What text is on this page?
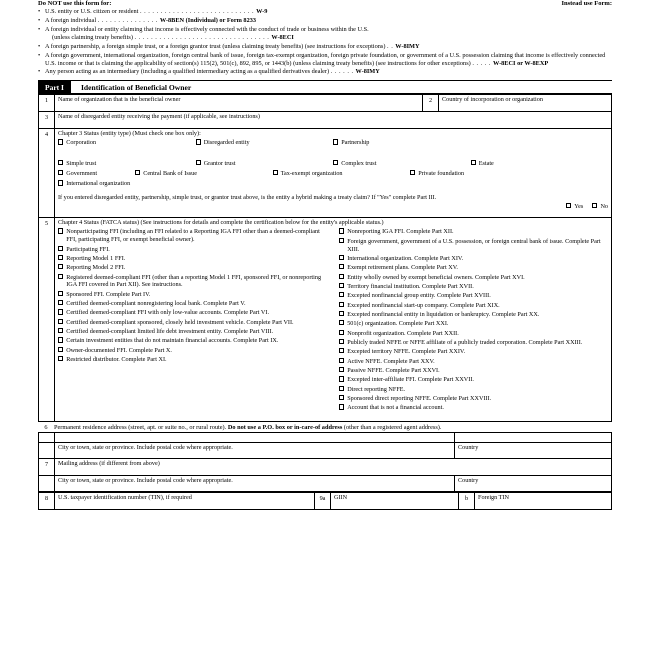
Do NOT use this form for:	Instead use Form:
• U.S. entity or U.S. citizen or resident . . . . . . . . . . . . . . . . . . . . . . . . . . . . W-9
• A foreign individual . . . . . . . . . . . . . . . W-8BEN (Individual) or Form 8233
• A foreign individual or entity claiming that income is effectively connected with the conduct of trade or business within the U.S.
(unless claiming treaty benefits) . . . . . . . . . . . . . . . . . . . . . . . . . . . . . . . . . W-8ECI
• A foreign partnership, a foreign simple trust, or a foreign grantor trust (unless claiming treaty benefits) (see instructions for exceptions) . . W-8IMY
• A foreign government, international organization, foreign central bank of issue, foreign tax-exempt organization, foreign private foundation, or government of a U.S. possession claiming that income is effectively connected U.S. income or that is claiming the applicability of section(s) 115(2), 501(c), 892, 895, or 1443(b) (unless claiming treaty benefits) (see instructions for other exceptions) . . . . . W-8ECI or W-8EXP
• Any person acting as an intermediary (including a qualified intermediary acting as a qualified derivatives dealer) . . . . . . W-8IMY
Part I	Identification of Beneficial Owner
1	Name of organization that is the beneficial owner	2	Country of incorporation or organization
3	Name of disregarded entity receiving the payment (if applicable, see instructions)		
4	Chapter 3 Status (entity type) (Must check one box only):
Corporation	Disregarded entity	Partnership
Simple trust	Grantor trust	Complex trust	Estate
Government	Central Bank of Issue	Tax-exempt organization	Private foundation
International organization
If you entered disregarded entity, partnership, simple trust, or grantor trust above, is the entity a hybrid making a treaty claim? If "Yes" complete Part III.
Yes	No

5	Chapter 4 Status (FATCA status) (See instructions for details and complete the certification below for the entity's applicable status.)
Nonparticipating FFI (including an FFI related to a Reporting IGA FFI other than a deemed-compliant FFI, participating FFI, or exempt beneficial owner).
Participating FFI.
Reporting Model 1 FFI.
Reporting Model 2 FFI.
Registered deemed-compliant FFI (other than a reporting Model 1 FFI, sponsored FFI, or nonreporting IGA FFI covered in Part XII). See instructions.
Sponsored FFI. Complete Part IV.
Certified deemed-compliant nonregistering local bank. Complete Part V.
Certified deemed-compliant FFI with only low-value accounts. Complete Part VI.
Certified deemed-compliant sponsored, closely held investment vehicle. Complete Part VII.
Certified deemed-compliant limited life debt investment entity. Complete Part VIII.
Certain investment entities that do not maintain financial accounts. Complete Part IX.
Owner-documented FFI. Complete Part X.
Restricted distributor. Complete Part XI.
Nonreporting IGA FFI. Complete Part XII.
Foreign government, government of a U.S. possession, or foreign central bank of issue. Complete Part XIII.
International organization. Complete Part XIV.
Exempt retirement plans. Complete Part XV.
Entity wholly owned by exempt beneficial owners. Complete Part XVI.
Territory financial institution. Complete Part XVII.
Excepted nonfinancial group entity. Complete Part XVIII.
Excepted nonfinancial start-up company. Complete Part XIX.
Excepted nonfinancial entity in liquidation or bankruptcy. Complete Part XX.
501(c) organization. Complete Part XXI.
Nonprofit organization. Complete Part XXII.
Publicly traded NFFE or NFFE affiliate of a publicly traded corporation. Complete Part XXIII.
Excepted territory NFFE. Complete Part XXIV.
Active NFFE. Complete Part XXV.
Passive NFFE. Complete Part XXVI.
Excepted inter-affiliate FFI. Complete Part XXVII.
Direct reporting NFFE.
Sponsored direct reporting NFFE. Complete Part XXVIII.
Account that is not a financial account.
6	Permanent residence address (street, apt. or suite no., or rural route). Do not use a P.O. box or in-care-of address (other than a registered agent address).

	City or town, state or province. Include postal code where appropriate.	Country
7	Mailing address (if different from above)	
	City or town, state or province. Include postal code where appropriate.	Country
8	U.S. taxpayer identification number (TIN), if required	9a	GIIN	b	Foreign TIN
